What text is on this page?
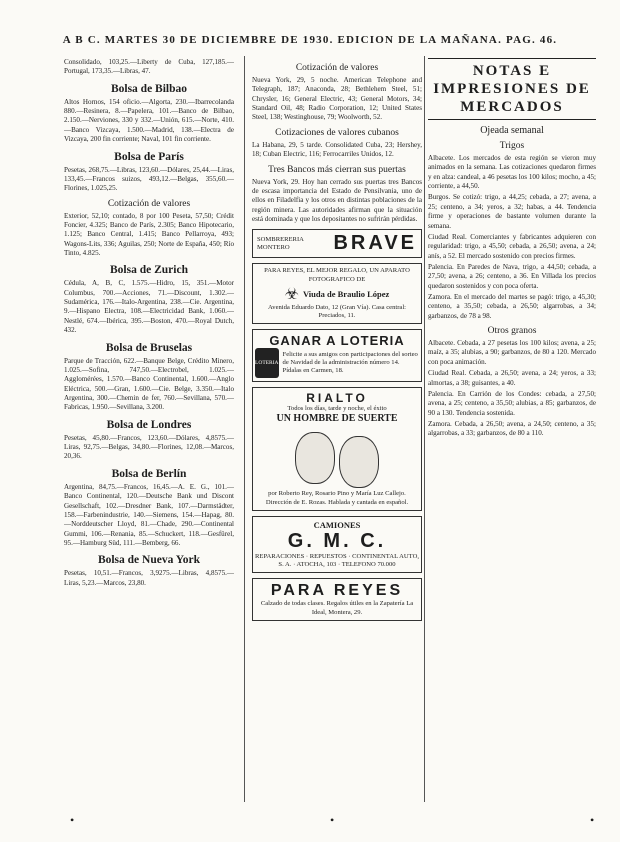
A B C. MARTES 30 DE DICIEMBRE DE 1930. EDICION DE LA MAÑANA. PAG. 46.

Consolidado, 103,25.—Liberty de Cuba, 127,185.—Portugal, 173,35.—Libras, 47.

Bolsa de Bilbao

Altos Hornos, 154 oficio.—Algorta, 230.—Ibarrecolanda 880.—Resinera, 8.—Papelera, 101.—Banco de Bilbao, 2.150.—Nerviones, 330 y 332.—Unión, 615.—Norte, 410.—Banco Vizcaya, 1.500.—Madrid, 138.—Electra de Vizcaya, 200 fin corriente; Naval, 101 fin corriente.

Bolsa de París

Pesetas, 268,75.—Libras, 123,60.—Dólares, 25,44.—Liras, 133,45.—Francos suizos, 493,12.—Belgas, 355,60.—Florines, 1.025,25.

Cotización de valores

Exterior, 52,10; contado, 8 por 100 Peseta, 57,50; Crédit Foncier, 4.325; Banco de París, 2.305; Banco Hipotecario, 1.125; Banco Central, 1.415; Banco Pellarroya, 493; Wagons-Lits, 336; Aguilas, 250; Norte de España, 450; Río Tinto, 4.825.

Bolsa de Zurich

Cédula, A, B, C, 1.575.—Hidro, 15, 351.—Motor Columbus, 700.—Acciones, 71.—Discount, 1.302.—Sudamérica, 176.—Italo-Argentina, 238.—Cie. Argentina, 9.—Hispano Electra, 108.—Electricidad Bank, 1.060.—Nestlé, 674.—Ibérica, 395.—Boston, 470.—Royal Dutch, 432.

Bolsa de Bruselas

Parque de Tracción, 622.—Banque Belge, Crédito Minero, 1.025.—Sofina, 747,50.—Electrobel, 1.025.—Agglomérées, 1.570.—Banco Continental, 1.600.—Anglo Eléctrica, 500.—Gran, 1.600.—Cie. Belge, 3.350.—Italo Argentina, 300.—Chemin de fer, 760.—Sevillana, 570.—Fabricas, 1.950.—Sevillana, 3.200.

Bolsa de Londres

Pesetas, 45,80.—Francos, 123,60.—Dólares, 4,8575.—Liras, 92,75.—Belgas, 34,80.—Florines, 12,08.—Marcos, 20,36.

Bolsa de Berlín

Argentina, 84,75.—Francos, 16,45.—A. E. G., 101.—Banco Continental, 120.—Deutsche Bank und Discont Gesellschaft, 102.—Dresdner Bank, 107.—Darmstädter, 158.—Farbenindustrie, 140.—Siemens, 154.—Hapag, 80.—Norddeutscher Lloyd, 81.—Chade, 290.—Continental Gummi, 106.—Renania, 85.—Schuckert, 118.—Gesfürel, 95.—Hamburg Süd, 111.—Bemberg, 66.

Bolsa de Nueva York

Pesetas, 10,51.—Francos, 3,9275.—Libras, 4,8575.—Liras, 5,23.—Marcos, 23,80.

Cotización de valores

Nueva York, 29, 5 noche. American Telephone and Telegraph, 187; Anaconda, 28; Bethlehem Steel, 51; Chrysler, 16; General Electric, 43; General Motors, 34; Standard Oil, 48; Radio Corporation, 12; United States Steel, 138; Westinghouse, 79; Woolworth, 52.

Cotizaciones de valores cubanos

La Habana, 29, 5 tarde. Consolidated Cuba, 23; Hershey, 18; Cuban Electric, 116; Ferrocarriles Unidos, 12.

Tres Bancos más cierran sus puertas

Nueva York, 29. Hoy han cerrado sus puertas tres Bancos de escasa importancia del Estado de Pensilvania, uno de ellos en Filadelfia y los otros en distintas poblaciones de la región minera. Las autoridades afirman que la situación está dominada y que los depositantes no sufrirán pérdidas.

SOMBRERERIA MONTERO	BRAVE
PARA REYES, EL MEJOR REGALO, UN APARATO FOTOGRAFICO DE
☣ Viuda de Braulio López
Avenida Eduardo Dato, 12 (Gran Vía). Casa central: Preciados, 11.
GANAR A LOTERIA
LOTERIA
Felicite a sus amigos con participaciones del sorteo de Navidad de la administración número 14. Pídalas en Carmen, 18.
RIALTO
Todos los días, tarde y noche, el éxito
UN HOMBRE DE SUERTE
por Roberto Rey, Rosario Pino y María Luz Callejo. Dirección de E. Rozas. Hablada y cantada en español.
CAMIONES
G. M. C.
REPARACIONES · REPUESTOS · CONTINENTAL AUTO, S. A. · ATOCHA, 103 · TELEFONO 70.000
PARA REYES
Calzado de todas clases. Regalos útiles en la Zapatería La Ideal, Montera, 29.
NOTAS E IMPRESIONES DE MERCADOS
Ojeada semanal
Trigos

Albacete. Los mercados de esta región se vieron muy animados en la semana. Las cotizaciones quedaron firmes y en alza: candeal, a 46 pesetas los 100 kilos; mocho, a 45; corriente, a 44,50.

Burgos. Se cotizó: trigo, a 44,25; cebada, a 27; avena, a 25; centeno, a 34; yeros, a 32; habas, a 44. Tendencia firme y operaciones de bastante volumen durante la semana.

Ciudad Real. Comerciantes y fabricantes adquieren con regularidad: trigo, a 45,50; cebada, a 26,50; avena, a 24; anís, a 52. El mercado sostenido con precios firmes.

Palencia. En Paredes de Nava, trigo, a 44,50; cebada, a 27,50; avena, a 26; centeno, a 36. En Villada los precios quedaron sostenidos y con poca oferta.

Zamora. En el mercado del martes se pagó: trigo, a 45,30; centeno, a 35,50; cebada, a 26,50; algarrobas, a 34; garbanzos, de 78 a 98.

Otros granos

Albacete. Cebada, a 27 pesetas los 100 kilos; avena, a 25; maíz, a 35; alubias, a 90; garbanzos, de 80 a 120. Mercado con poca animación.

Ciudad Real. Cebada, a 26,50; avena, a 24; yeros, a 33; almortas, a 38; guisantes, a 40.

Palencia. En Carrión de los Condes: cebada, a 27,50; avena, a 25; centeno, a 35,50; alubias, a 85; garbanzos, de 90 a 130. Tendencia sostenida.

Zamora. Cebada, a 26,50; avena, a 24,50; centeno, a 35; algarrobas, a 33; garbanzos, de 80 a 110.

•	•	•
